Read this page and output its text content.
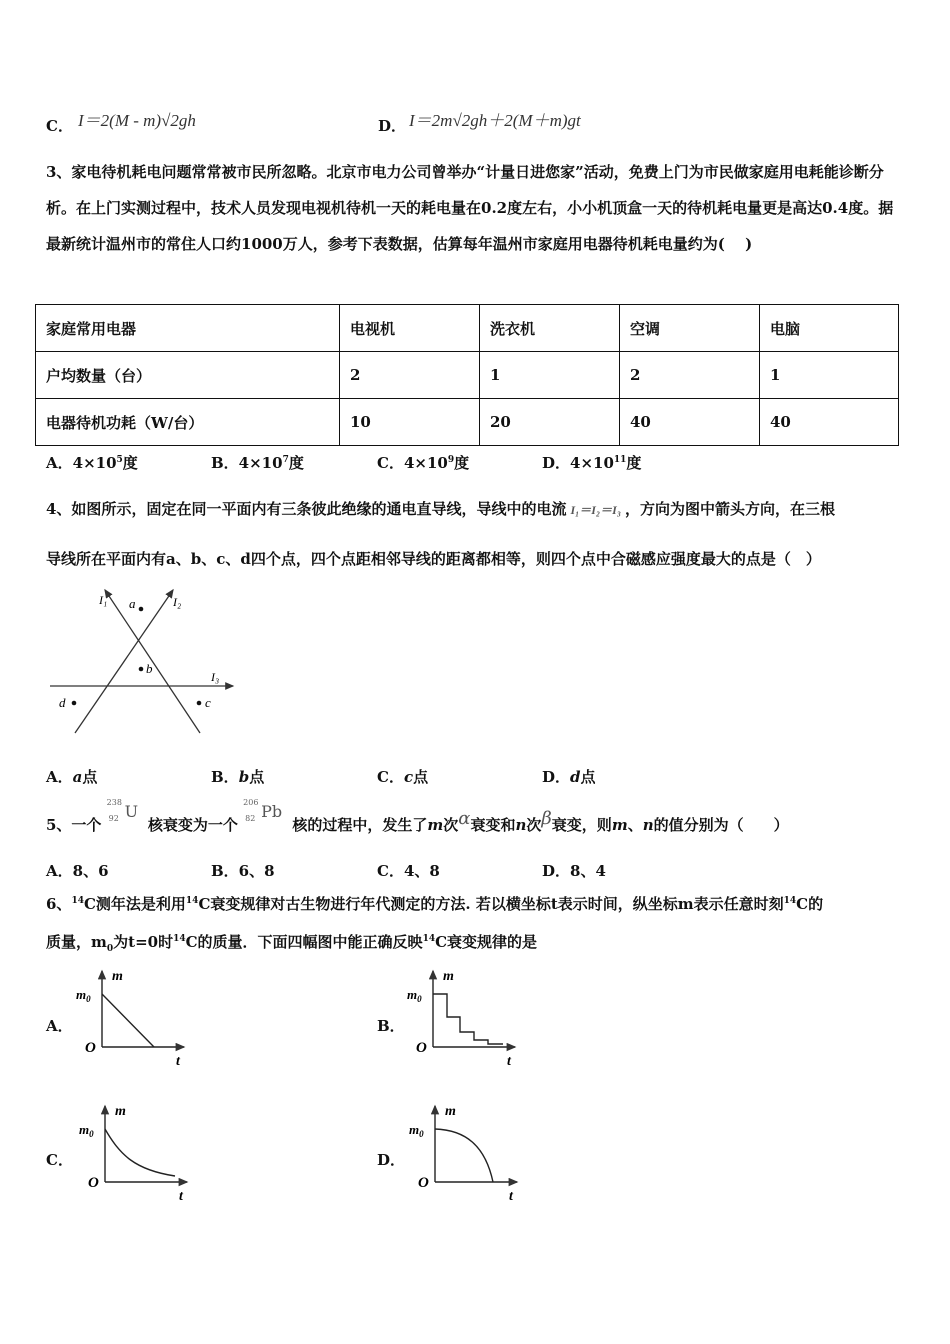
C． I＝2(M - m)√2gh	D． I＝2m√2gh＋2(M＋m)gt
3、家电待机耗电问题常常被市民所忽略。北京市电力公司曾举办“计量日进您家”活动，免费上门为市民做家庭用电耗能诊断分析。在上门实测过程中，技术人员发现电视机待机一天的耗电量在0.2度左右，小小机顶盒一天的待机耗电量更是高达0.4度。据最新统计温州市的常住人口约1000万人，参考下表数据，估算每年温州市家庭用电器待机耗电量约为(　 )
家庭常用电器	电视机	洗衣机	空调	电脑
户均数量（台）	2	1	2	1
电器待机功耗（W/台）	10	20	40	40
A．$4\times 10^5$度	B．$4\times 10^7$度	C．$4\times 10^9$度	D．$4\times 10^{11}$度
4、如图所示，固定在同一平面内有三条彼此绝缘的通电直导线，导线中的电流 I₁＝I₂＝I₃ ，方向为图中箭头方向，在三根
导线所在平面内有a、b、c、d四个点，四个点距相邻导线的距离都相等，则四个点中合磁感应强度最大的点是（　）
I₁	I₂
I₃
a
b
c
d
A．a点	B．b点	C．c点	D．d点
5、一个
238
92 U
核衰变为一个
206
82 Pb
核的过程中，发生了m次α衰变和n次β衰变，则m、n的值分别为（　　）
A．8、6	B．6、8	C．4、8	D．8、4
6、$^{14}$C测年法是利用$^{14}$C衰变规律对古生物进行年代测定的方法. 若以横坐标t表示时间，纵坐标m表示任意时刻$^{14}$C的
质量，$m_0$为t=0时$^{14}$C的质量．下面四幅图中能正确反映$^{14}$C衰变规律的是
A．	B．
C．	D．
m
$m_0$
O
t
m
$m_0$
O
t
m
$m_0$
O
t
m
$m_0$
O
t
